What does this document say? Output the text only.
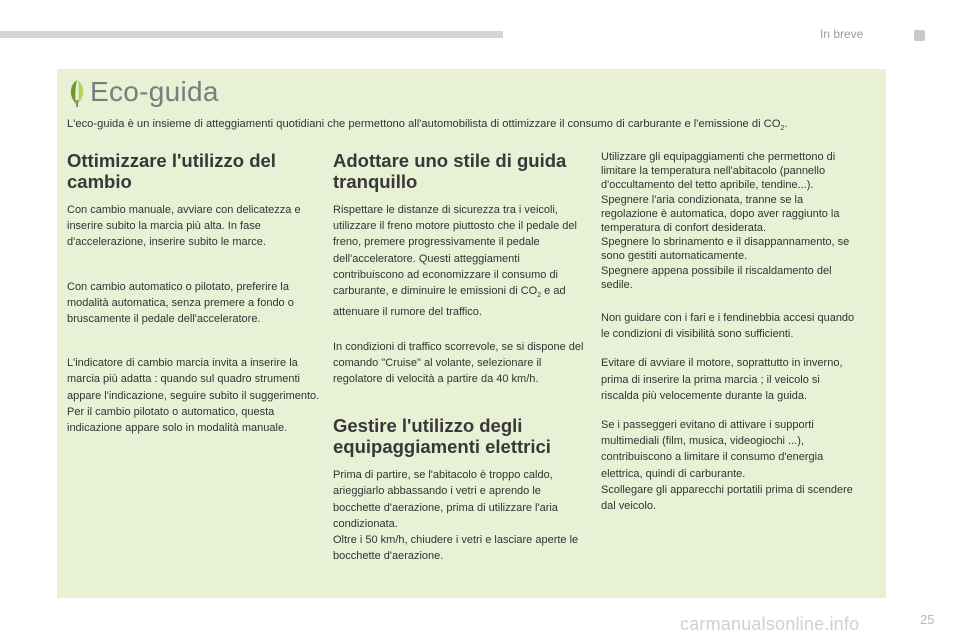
In breve
Eco-guida
L'eco-guida è un insieme di atteggiamenti quotidiani che permettono all'automobilista di ottimizzare il consumo di carburante e l'emissione di $CO_2$.
Ottimizzare l'utilizzo del cambio

Con cambio manuale, avviare con delicatezza e inserire subito la marcia più alta. In fase d'accelerazione, inserire subito le marce.

Con cambio automatico o pilotato, preferire la modalità automatica, senza premere a fondo o bruscamente il pedale dell'acceleratore.

L'indicatore di cambio marcia invita a inserire la marcia più adatta : quando sul quadro strumenti appare l'indicazione, seguire subito il suggerimento.

Per il cambio pilotato o automatico, questa indicazione appare solo in modalità manuale.

Adottare uno stile di guida tranquillo

Rispettare le distanze di sicurezza tra i veicoli, utilizzare il freno motore piuttosto che il pedale del freno, premere progressivamente il pedale dell'acceleratore. Questi atteggiamenti contribuiscono ad economizzare il consumo di carburante, e diminuire le emissioni di $CO_2$ e ad attenuare il rumore del traffico.

In condizioni di traffico scorrevole, se si dispone del comando "Cruise" al volante, selezionare il regolatore di velocità a partire da 40 km/h.

Gestire l'utilizzo degli equipaggiamenti elettrici

Prima di partire, se l'abitacolo è troppo caldo, arieggiarlo abbassando i vetri e aprendo le bocchette d'aerazione, prima di utilizzare l'aria condizionata.

Oltre i 50 km/h, chiudere i vetri e lasciare aperte le bocchette d'aerazione.

Utilizzare gli equipaggiamenti che permettono di limitare la temperatura nell'abitacolo (pannello d'occultamento del tetto apribile, tendine...).

Spegnere l'aria condizionata, tranne se la regolazione è automatica, dopo aver raggiunto la temperatura di confort desiderata.

Spegnere lo sbrinamento e il disappannamento, se sono gestiti automaticamente.

Spegnere appena possibile il riscaldamento del sedile.

Non guidare con i fari e i fendinebbia accesi quando le condizioni di visibilità sono sufficienti.

Evitare di avviare il motore, soprattutto in inverno, prima di inserire la prima marcia ; il veicolo si riscalda più velocemente durante la guida.

Se i passeggeri evitano di attivare i supporti multimediali (film, musica, videogiochi ...), contribuiscono a limitare il consumo d'energia elettrica, quindi di carburante.

Scollegare gli apparecchi portatili prima di scendere dal veicolo.

carmanualsonline.info	25
